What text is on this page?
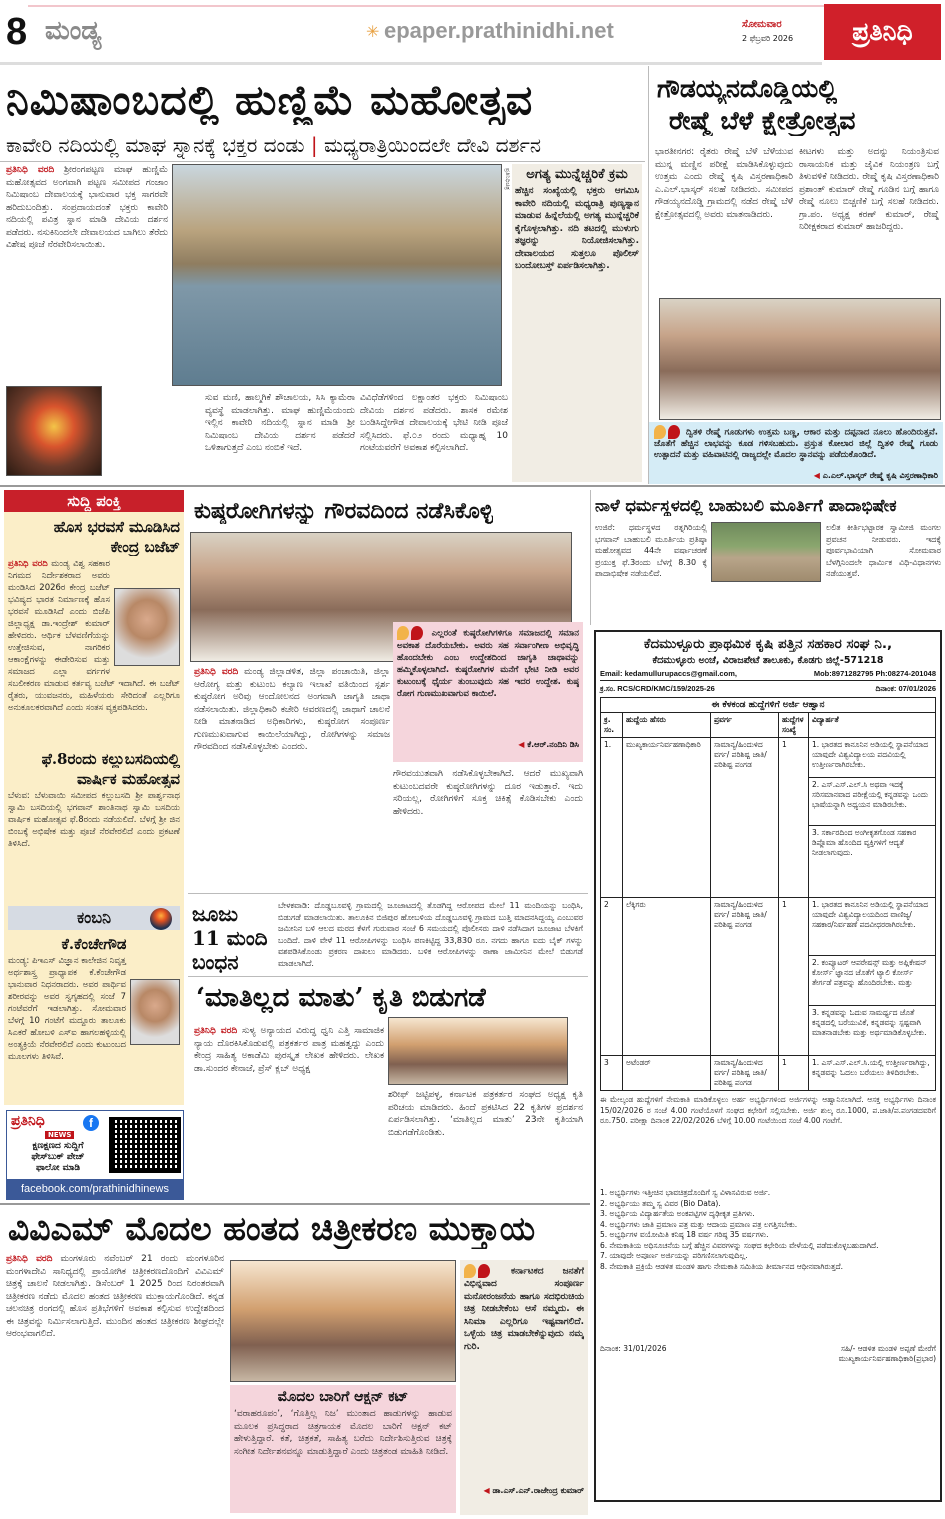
8 ಮಂಡ್ಯ	✳ epaper.prathinidhi.net	ಸೋಮವಾರ
2 ಫೆಬ್ರವರಿ 2026 ಪ್ರತಿನಿಧಿ
ನಿಮಿಷಾಂಬದಲ್ಲಿ ಹುಣ್ಣಿಮೆ ಮಹೋತ್ಸವ
ಕಾವೇರಿ ನದಿಯಲ್ಲಿ ಮಾಘ ಸ್ನಾನಕ್ಕೆ ಭಕ್ತರ ದಂಡು | ಮಧ್ಯರಾತ್ರಿಯಿಂದಲೇ ದೇವಿ ದರ್ಶನ
ಪ್ರತಿನಿಧಿ ವರದಿ ಶ್ರೀರಂಗಪಟ್ಟಣ ಮಾಘ ಹುಣ್ಣಿಮೆ ಮಹೋತ್ಸವದ ಅಂಗವಾಗಿ ಪಟ್ಟಣ ಸಮೀಪದ ಗಂಜಾಂ ನಿಮಿಷಾಂಬ ದೇವಾಲಯಕ್ಕೆ ಭಾನುವಾರ ಭಕ್ತ ಸಾಗರವೇ ಹರಿದುಬಂದಿತ್ತು. ಸಂಪ್ರದಾಯದಂತೆ ಭಕ್ತರು ಕಾವೇರಿ ನದಿಯಲ್ಲಿ ಪವಿತ್ರ ಸ್ನಾನ ಮಾಡಿ ದೇವಿಯ ದರ್ಶನ ಪಡೆದರು. ನಸುಕಿನಿಂದಲೇ ದೇವಾಲಯದ ಬಾಗಿಲು ತೆರೆದು ವಿಶೇಷ ಪೂಜೆ ನೆರವೇರಿಸಲಾಯಿತು.
ಪ್ರತಿನಿಧಿಚಿತ್ರ	ಅಗತ್ಯ ಮುನ್ನೆಚ್ಚರಿಕೆ ಕ್ರಮ
ಹೆಚ್ಚಿನ ಸಂಖ್ಯೆಯಲ್ಲಿ ಭಕ್ತರು ಆಗಮಿಸಿ ಕಾವೇರಿ ನದಿಯಲ್ಲಿ ಮಧ್ಯರಾತ್ರಿ ಪುಣ್ಯಸ್ನಾನ ಮಾಡುವ ಹಿನ್ನೆಲೆಯಲ್ಲಿ ಅಗತ್ಯ ಮುನ್ನೆಚ್ಚರಿಕೆ ಕೈಗೊಳ್ಳಲಾಗಿತ್ತು. ನದಿ ತಟದಲ್ಲಿ ಮುಳುಗು ತಜ್ಞರನ್ನು ನಿಯೋಜಿಸಲಾಗಿತ್ತು. ದೇವಾಲಯದ ಸುತ್ತಲೂ ಪೊಲೀಸ್ ಬಂದೋಬಸ್ತ್ ಏರ್ಪಡಿಸಲಾಗಿತ್ತು.
ಸುವ ಮಣಿ, ಹಾಲ್ಮಗಿಕೆ ಶೌಚಾಲಯ, ಸಿಸಿ ಕ್ಯಾಮೆರಾ ವ್ಯವಸ್ಥೆ ಮಾಡಲಾಗಿತ್ತು. ಮಾಘ ಹುಣ್ಣಿಮೆಯಂದು ಇಲ್ಲಿನ ಕಾವೇರಿ ನದಿಯಲ್ಲಿ ಸ್ನಾನ ಮಾಡಿ ಶ್ರೀ ನಿಮಿಷಾಂಬ ದೇವಿಯ ದರ್ಶನ ಪಡೆದರೆ ಒಳಿತಾಗುತ್ತದೆ ಎಂಬ ನಂಬಿಕೆ ಇದೆ.
ವಿವಿಧೆಡೆಗಳಿಂದ ಲಕ್ಷಾಂತರ ಭಕ್ತರು ನಿಮಿಷಾಂಬ ದೇವಿಯ ದರ್ಶನ ಪಡೆದರು. ಶಾಸಕ ರಮೇಶ ಬಂಡಿಸಿದ್ದೇಗೌಡ ದೇವಾಲಯಕ್ಕೆ ಭೇಟಿ ನೀಡಿ ಪೂಜೆ ಸಲ್ಲಿಸಿದರು. ಫೆ.೦೨ ರಂದು ಮಧ್ಯಾಹ್ನ 10 ಗಂಟೆಯವರೆಗೆ ಅವಕಾಶ ಕಲ್ಪಿಸಲಾಗಿದೆ.
ಗೌಡಯ್ಯನದೊಡ್ಡಿಯಲ್ಲಿ
ರೇಷ್ಮೆ ಬೆಳೆ ಕ್ಷೇತ್ರೋತ್ಸವ
ಭಾರತೀನಗರ: ರೈತರು ರೇಷ್ಮೆ ಬೆಳೆ ಬೆಳೆಯುವ ಮುನ್ನ ಮಣ್ಣಿನ ಪರೀಕ್ಷೆ ಮಾಡಿಸಿಕೊಳ್ಳುವುದು ಉತ್ತಮ ಎಂದು ರೇಷ್ಮೆ ಕೃಷಿ ವಿಸ್ತರಣಾಧಿಕಾರಿ ಎ.ಎಲ್.ಭಾಸ್ಕರ್ ಸಲಹೆ ನೀಡಿದರು. ಸಮೀಪದ ಗೌಡಯ್ಯನದೊಡ್ಡಿ ಗ್ರಾಮದಲ್ಲಿ ನಡೆದ ರೇಷ್ಮೆ ಬೆಳೆ ಕ್ಷೇತ್ರೋತ್ಸವದಲ್ಲಿ ಅವರು ಮಾತನಾಡಿದರು.
ಕೀಟಗಳು ಮತ್ತು ಅದನ್ನು ನಿಯಂತ್ರಿಸುವ ರಾಸಾಯನಿಕ ಮತ್ತು ಜೈವಿಕ ನಿಯಂತ್ರಣ ಬಗ್ಗೆ ತಿಳುವಳಿಕೆ ನೀಡಿದರು. ರೇಷ್ಮೆ ಕೃಷಿ ವಿಸ್ತರಣಾಧಿಕಾರಿ ಪ್ರಶಾಂತ್ ಕುಮಾರ್ ರೇಷ್ಮೆ ಗೂಡಿನ ಬಗ್ಗೆ ಹಾಗೂ ರೇಷ್ಮೆ ನೂಲು ಬಿಚ್ಚಣಿಕೆ ಬಗ್ಗೆ ಸಲಹೆ ನೀಡಿದರು. ಗ್ರಾ.ಪಂ. ಅಧ್ಯಕ್ಷ ಕರಣ್ ಕುಮಾರ್, ರೇಷ್ಮೆ ನಿರೀಕ್ಷಕರಾದ ಕುಮಾರ್ ಹಾಜರಿದ್ದರು.
ದ್ವಿತಳಿ ರೇಷ್ಮೆ ಗೂಡುಗಳು ಉತ್ತಮ ಬಣ್ಣ, ಆಕಾರ ಮತ್ತು ದಪ್ಪನಾದ ನೂಲು ಹೊಂದಿರುತ್ತವೆ. ಜೊತೆಗೆ ಹೆಚ್ಚಿನ ಲಾಭವನ್ನು ಕೂಡ ಗಳಿಸಬಹುದು. ಪ್ರಸ್ತುತ ಕೋಲಾರ ಜಿಲ್ಲೆ ದ್ವಿತಳಿ ರೇಷ್ಮೆ ಗೂಡು ಉತ್ಪಾದನೆ ಮತ್ತು ವಹಿವಾಟಿನಲ್ಲಿ ರಾಜ್ಯದಲ್ಲೇ ಮೊದಲ ಸ್ಥಾನವನ್ನು ಪಡೆದುಕೊಂಡಿದೆ.
◀ ಎ.ಎಲ್.ಭಾಸ್ಕರ್ ರೇಷ್ಮೆ ಕೃಷಿ ವಿಸ್ತರಣಾಧಿಕಾರಿ
ಸುದ್ದಿ ಪಂಕ್ತಿ
ಹೊಸ ಭರವಸೆ ಮೂಡಿಸಿದ
ಕೇಂದ್ರ ಬಜೆಟ್
ಪ್ರತಿನಿಧಿ ವರದಿ ಮಂಡ್ಯ ವಿಶ್ವ ಸಹಕಾರ ನಿಗಮದ ನಿರ್ದೇಶಕರಾದ ಅವರು ಮಂಡಿಸಿದ 2026ರ ಕೇಂದ್ರ ಬಜೆಟ್ ಭವಿಷ್ಯದ ಭಾರತ ನಿರ್ಮಾಣಕ್ಕೆ ಹೊಸ ಭರವಸೆ ಮೂಡಿಸಿದೆ ಎಂದು ಬಿಜೆಪಿ ಜಿಲ್ಲಾಧ್ಯಕ್ಷ ಡಾ.ಇಂದ್ರೇಶ್ ಕುಮಾರ್ ಹೇಳಿದರು. ಆರ್ಥಿಕ ಬೆಳವಣಿಗೆಯನ್ನು ಉತ್ತೇಜಿಸುವ, ನಾಗರಿಕರ ಆಕಾಂಕ್ಷೆಗಳನ್ನು ಈಡೇರಿಸುವ ಮತ್ತು ಸಮಾಜದ ಎಲ್ಲಾ ವರ್ಗಗಳ ಸಬಲೀಕರಣ ಮಾಡುವ ಕರ್ತವ್ಯ ಬಜೆಟ್ ಇದಾಗಿದೆ. ಈ ಬಜೆಟ್ ರೈತರು, ಯುವಜನರು, ಮಹಿಳೆಯರು ಸೇರಿದಂತೆ ಎಲ್ಲರಿಗೂ ಅನುಕೂಲಕರವಾಗಿದೆ ಎಂದು ಸಂತಸ ವ್ಯಕ್ತಪಡಿಸಿದರು.
ಫೆ.8ರಂದು ಕಲ್ಲುಬಸದಿಯಲ್ಲಿ
ವಾರ್ಷಿಕ ಮಹೋತ್ಸವ
ಬೆಳುವ: ಬೆಳುವಾಯಿ ಸಮೀಪದ ಕಲ್ಲುಬಸದಿ ಶ್ರೀ ಪಾರ್ಶ್ವನಾಥ ಸ್ವಾಮಿ ಬಸದಿಯಲ್ಲಿ ಭಗವಾನ್ ಶಾಂತಿನಾಥ ಸ್ವಾಮಿ ಬಸದಿಯ ವಾರ್ಷಿಕ ಮಹೋತ್ಸವ ಫೆ.8ರಂದು ನಡೆಯಲಿದೆ. ಬೆಳಗ್ಗೆ ಶ್ರೀ ಜಿನ ಬಿಂಬಕ್ಕೆ ಅಭಿಷೇಕ ಮತ್ತು ಪೂಜೆ ನೆರವೇರಲಿದೆ ಎಂದು ಪ್ರಕಟಣೆ ತಿಳಿಸಿದೆ.
ಕಂಬನಿ
ಕೆ.ಕೆಂಚೇಗೌಡ
ಮಂಡ್ಯ: ಪಿಇಎಸ್ ವಿಜ್ಞಾನ ಕಾಲೇಜಿನ ನಿವೃತ್ತ ಅರ್ಥಶಾಸ್ತ್ರ ಪ್ರಾಧ್ಯಾಪಕ ಕೆ.ಕೆಂಚೇಗೌಡ ಭಾನುವಾರ ನಿಧನರಾದರು. ಅವರ ಪಾರ್ಥಿವ ಶರೀರವನ್ನು ಅವರ ಸ್ವಗೃಹದಲ್ಲಿ ಸಂಜೆ 7 ಗಂಟೆವರೆಗೆ ಇಡಲಾಗಿತ್ತು. ಸೋಮವಾರ ಬೆಳಗ್ಗೆ 10 ಗಂಟೆಗೆ ಮದ್ದೂರು ತಾಲೂಕು ಸಿಎಕರೆ ಹೋಬಳಿ ಎಸ್‌ಐ ಹಾಗಲಹಳ್ಳಿಯಲ್ಲಿ ಅಂತ್ಯಕ್ರಿಯೆ ನೆರವೇರಲಿದೆ ಎಂದು ಕುಟುಂಬದ ಮೂಲಗಳು ತಿಳಿಸಿವೆ.
ಪ್ರತಿನಿಧಿ	f
NEWS
ಕ್ಷಣಕ್ಷಣದ ಸುದ್ದಿಗೆ
ಫೇಸ್‌ಬುಕ್ ಪೇಜ್
ಫಾಲೋ ಮಾಡಿ
facebook.com/prathinidhinews
ಕುಷ್ಠರೋಗಿಗಳನ್ನು ಗೌರವದಿಂದ ನಡೆಸಿಕೊಳ್ಳಿ
ಪ್ರತಿನಿಧಿ ವರದಿ ಮಂಡ್ಯ ಜಿಲ್ಲಾಡಳಿತ, ಜಿಲ್ಲಾ ಪಂಚಾಯಿತಿ, ಜಿಲ್ಲಾ ಆರೋಗ್ಯ ಮತ್ತು ಕುಟುಂಬ ಕಲ್ಯಾಣ ಇಲಾಖೆ ವತಿಯಿಂದ ಸ್ಪರ್ಶ ಕುಷ್ಠರೋಗ ಅರಿವು ಆಂದೋಲನದ ಅಂಗವಾಗಿ ಜಾಗೃತಿ ಜಾಥಾ ನಡೆಸಲಾಯಿತು. ಜಿಲ್ಲಾಧಿಕಾರಿ ಕಚೇರಿ ಆವರಣದಲ್ಲಿ ಜಾಥಾಗೆ ಚಾಲನೆ ನೀಡಿ ಮಾತನಾಡಿದ ಅಧಿಕಾರಿಗಳು, ಕುಷ್ಠರೋಗ ಸಂಪೂರ್ಣ ಗುಣಮುಖವಾಗುವ ಕಾಯಿಲೆಯಾಗಿದ್ದು, ರೋಗಿಗಳನ್ನು ಸಮಾಜ ಗೌರವದಿಂದ ನಡೆಸಿಕೊಳ್ಳಬೇಕು ಎಂದರು.
ಎಲ್ಲರಂತೆ ಕುಷ್ಠರೋಗಿಗಳಿಗೂ ಸಮಾಜದಲ್ಲಿ ಸಮಾನ ಅವಕಾಶ ದೊರೆಯಬೇಕು. ಅವರು ಸಹ ಸರ್ವಾಂಗೀಣ ಅಭಿವೃದ್ಧಿ ಹೊಂದಬೇಕು ಎಂಬ ಉದ್ದೇಶದಿಂದ ಜಾಗೃತಿ ಜಾಥಾವನ್ನು ಹಮ್ಮಿಕೊಳ್ಳಲಾಗಿದೆ. ಕುಷ್ಠರೋಗಿಗಳ ಮನೆಗೆ ಭೇಟಿ ನೀಡಿ ಅವರ ಕುಟುಂಬಕ್ಕೆ ಧೈರ್ಯ ತುಂಬುವುದು ಸಹ ಇದರ ಉದ್ದೇಶ. ಕುಷ್ಠ ರೋಗ ಗುಣಮುಖವಾಗುವ ಕಾಯಿಲೆ.
◀ ಕೆ.ಆರ್.ನಂದಿನಿ ಡಿಸಿ
ಗೌರವಯುತವಾಗಿ ನಡೆಸಿಕೊಳ್ಳಬೇಕಾಗಿದೆ. ಆದರೆ ಮುಖ್ಯವಾಗಿ ಕುಟುಂಬದವರೇ ಕುಷ್ಠರೋಗಿಗಳನ್ನು ದೂರ ಇಡುತ್ತಾರೆ. ಇದು ಸರಿಯಲ್ಲ, ರೋಗಿಗಳಿಗೆ ಸೂಕ್ತ ಚಿಕಿತ್ಸೆ ಕೊಡಿಸಬೇಕು ಎಂದು ಹೇಳಿದರು.
ಜೂಜು
11 ಮಂದಿ
ಬಂಧನ
ಬೇಳಕವಾಡಿ: ದೊಡ್ಡಬೂವಳ್ಳಿ ಗ್ರಾಮದಲ್ಲಿ ಜೂಜಾಟದಲ್ಲಿ ತೊಡಗಿದ್ದ ಆರೋಪದ ಮೇಲೆ 11 ಮಂದಿಯನ್ನು ಬಂಧಿಸಿ, ಬಿಡುಗಡೆ ಮಾಡಲಾಯಿತು. ತಾಲೂಕಿನ ಬಿಜಿಪುರ ಹೋಬಳಿಯ ದೊಡ್ಡಬೂವಳ್ಳಿ ಗ್ರಾಮದ ಬುತ್ತಿ ಮಾದನಸಿದ್ದಯ್ಯ ಎಂಬುವರ ಜಮೀನಿನ ಬಳಿ ಆಲದ ಮರದ ಕೆಳಗೆ ಗುರುವಾರ ಸಂಜೆ 6 ಸಮಯದಲ್ಲಿ ಪೊಲೀಸರು ದಾಳಿ ನಡೆಸಿದಾಗ ಜೂಜಾಟ ಬೆಳಕಿಗೆ ಬಂದಿದೆ. ದಾಳಿ ವೇಳೆ 11 ಆರೋಪಿಗಳನ್ನು ಬಂಧಿಸಿ ಪಣಕಿಟ್ಟಿದ್ದ 33,830 ರೂ. ನಗದು ಹಾಗೂ ಐದು ಬೈಕ್ ಗಳನ್ನು ವಶಪಡಿಸಿಕೊಂಡು ಪ್ರಕರಣ ದಾಖಲು ಮಾಡಿದರು. ಬಳಿಕ ಆರೋಪಿಗಳನ್ನು ಠಾಣಾ ಜಾಮೀನಿನ ಮೇಲೆ ಬಿಡುಗಡೆ ಮಾಡಲಾಗಿದೆ.
‘ಮಾತಿಲ್ಲದ ಮಾತು’ ಕೃತಿ ಬಿಡುಗಡೆ
ಪ್ರತಿನಿಧಿ ವರದಿ ಸುಳ್ಯ ಅನ್ಯಾಯದ ವಿರುದ್ಧ ಧ್ವನಿ ಎತ್ತಿ ಸಾಮಾಜಿಕ ನ್ಯಾಯ ದೊರಕಿಸಿಕೊಡುವಲ್ಲಿ ಪತ್ರಕರ್ತರ ಪಾತ್ರ ಮಹತ್ವದ್ದು ಎಂದು ಕೇಂದ್ರ ಸಾಹಿತ್ಯ ಅಕಾಡೆಮಿ ಪುರಸ್ಕೃತ ಲೇಖಕ ಹೇಳಿದರು. ಲೇಖಕ ಡಾ.ಸುಂದರ ಕೇನಾಜೆ, ಪ್ರೆಸ್ ಕ್ಲಬ್ ಅಧ್ಯಕ್ಷ
ಶರೀಫ್ ಜಟ್ಟಿಪಳ್ಳ, ಕರ್ನಾಟಕ ಪತ್ರಕರ್ತರ ಸಂಘದ ಅಧ್ಯಕ್ಷ ಕೃತಿ ಪರಿಚಯ ಮಾಡಿದರು. ಹಿಂದೆ ಪ್ರಕಟಿಸಿದ 22 ಕೃತಿಗಳ ಪ್ರದರ್ಶನ ಏರ್ಪಡಿಸಲಾಗಿತ್ತು. ‘ಮಾತಿಲ್ಲದ ಮಾತು’ 23ನೇ ಕೃತಿಯಾಗಿ ಬಿಡುಗಡೆಗೊಂಡಿತು.
ನಾಳೆ ಧರ್ಮಸ್ಥಳದಲ್ಲಿ ಬಾಹುಬಲಿ ಮೂರ್ತಿಗೆ ಪಾದಾಭಿಷೇಕ
ಉಜಿರೆ: ಧರ್ಮಸ್ಥಳದ ರತ್ನಗಿರಿಯಲ್ಲಿ ಭಗವಾನ್ ಬಾಹುಬಲಿ ಮೂರ್ತಿಯ ಪ್ರತಿಷ್ಠಾ ಮಹೋತ್ಸವದ 44ನೇ ವರ್ಷಾಚರಣೆ ಪ್ರಯುಕ್ತ ಫೆ.3ರಂದು ಬೆಳಗ್ಗೆ 8.30 ಕ್ಕೆ ಪಾದಾಭಿಷೇಕ ನಡೆಯಲಿದೆ.
ಲಲಿತ ಕೀರ್ತಿಭಟ್ಟಾರಕ ಸ್ವಾಮೀಜಿ ಮಂಗಲ ಪ್ರವಚನ ನೀಡುವರು. ಇದಕ್ಕೆ ಪೂರ್ವಭಾವಿಯಾಗಿ ಸೋಮವಾರ ಬೆಳಗ್ಗಿನಿಂದಲೇ ಧಾರ್ಮಿಕ ವಿಧಿ-ವಿಧಾನಗಳು ನಡೆಯುತ್ತವೆ.
ವಿವಿಎಮ್ ಮೊದಲ ಹಂತದ ಚಿತ್ರೀಕರಣ ಮುಕ್ತಾಯ
ಪ್ರತಿನಿಧಿ ವರದಿ ಮಂಗಳೂರು ನವೆಂಬರ್ 21 ರಂದು ಮಂಗಳೂರಿನ ಮಂಗಳಾದೇವಿ ಸಾನಿಧ್ಯದಲ್ಲಿ ಪ್ರಾಯೋಗಿಕ ಚಿತ್ರೀಕರಣದೊಂದಿಗೆ ವಿವಿಎಮ್ ಚಿತ್ರಕ್ಕೆ ಚಾಲನೆ ನೀಡಲಾಗಿತ್ತು. ಡಿಸೆಂಬರ್ 1 2025 ರಿಂದ ನಿರಂತರವಾಗಿ ಚಿತ್ರೀಕರಣ ನಡೆದು ಮೊದಲ ಹಂತದ ಚಿತ್ರೀಕರಣ ಮುಕ್ತಾಯಗೊಂಡಿದೆ. ಕನ್ನಡ ಚಲನಚಿತ್ರ ರಂಗದಲ್ಲಿ ಹೊಸ ಪ್ರತಿಭೆಗಳಿಗೆ ಅವಕಾಶ ಕಲ್ಪಿಸುವ ಉದ್ದೇಶದಿಂದ ಈ ಚಿತ್ರವನ್ನು ನಿರ್ಮಿಸಲಾಗುತ್ತಿದೆ. ಮುಂದಿನ ಹಂತದ ಚಿತ್ರೀಕರಣ ಶೀಘ್ರದಲ್ಲೇ ಆರಂಭವಾಗಲಿದೆ.
ಮೊದಲ ಬಾರಿಗೆ ಆಕ್ಷನ್ ಕಟ್
‘ವರಾಹರೂಪಂ’, ‘ಗೊತ್ತಿಲ್ಲ ನಿಜ’ ಮುಂತಾದ ಹಾಡುಗಳನ್ನು ಹಾಡುವ ಮೂಲಕ ಪ್ರಸಿದ್ಧರಾದ ಚಿತ್ರಗಾಯಕ ಮೊದಲ ಬಾರಿಗೆ ಆಕ್ಷನ್ ಕಟ್ ಹೇಳುತ್ತಿದ್ದಾರೆ. ಕತೆ, ಚಿತ್ರಕತೆ, ಸಾಹಿತ್ಯ ಬರೆದು ನಿರ್ದೇಶಿಸುತ್ತಿರುವ ಚಿತ್ರಕ್ಕೆ ಸಂಗೀತ ನಿರ್ದೇಶನವನ್ನೂ ಮಾಡುತ್ತಿದ್ದಾರೆ ಎಂದು ಚಿತ್ರತಂಡ ಮಾಹಿತಿ ನೀಡಿದೆ.
ಕರ್ನಾಟಕದ ಜನತೆಗೆ ವಿಭಿನ್ನವಾದ ಸಂಪೂರ್ಣ ಮನೋರಂಜನೆಯ ಹಾಗೂ ಸದಭಿರುಚಿಯ ಚಿತ್ರ ನೀಡಬೇಕೆಂಬ ಆಸೆ ನಮ್ಮದು. ಈ ಸಿನಿಮಾ ಎಲ್ಲರಿಗೂ ಇಷ್ಟವಾಗಲಿದೆ. ಒಳ್ಳೆಯ ಚಿತ್ರ ಮಾಡಬೇಕೆನ್ನುವುದು ನಮ್ಮ ಗುರಿ.
◀ ಡಾ.ಎಸ್.ಎನ್.ರಾಜೇಂದ್ರ ಕುಮಾರ್
ಕೆದಮುಳ್ಳೂರು ಪ್ರಾಥಮಿಕ ಕೃಷಿ ಪತ್ತಿನ ಸಹಕಾರ ಸಂಘ ನಿ.,
ಕೆದಮುಳ್ಳೂರು ಅಂಚೆ, ವಿರಾಜಪೇಟೆ ತಾಲೂಕು, ಕೊಡಗು ಜಿಲ್ಲೆ-571218
Email: kedamullurupaccs@gmail.com,	Mob:8971282795 Ph:08274-201048
ಕ್ರ.ಸಂ. RCS/CRD/KMC/159/2025-26	ದಿನಾಂಕ: 07/01/2026
ಈ ಕೆಳಕಂಡ ಹುದ್ದೆಗಳಿಗೆ ಅರ್ಜಿ ಆಹ್ವಾನ				
ಕ್ರ. ಸಂ.	ಹುದ್ದೆಯ ಹೆಸರು	ಪ್ರವರ್ಗ	ಹುದ್ದೆಗಳ ಸಂಖ್ಯೆ	ವಿದ್ಯಾರ್ಹತೆ
1.	ಮುಖ್ಯಕಾರ್ಯನಿರ್ವಹಣಾಧಿಕಾರಿ	ಸಾಮಾನ್ಯ/ಹಿಂದುಳಿದ ವರ್ಗ/ ಪರಿಶಿಷ್ಟ ಜಾತಿ/ ಪರಿಶಿಷ್ಟ ಪಂಗಡ	1	1. ಭಾರತದ ಕಾನೂನಿನ ಅಡಿಯಲ್ಲಿ ಸ್ಥಾಪನೆಯಾದ ಯಾವುದೇ ವಿಶ್ವವಿದ್ಯಾಲಯ ಪದವಿಯಲ್ಲಿ ಉತ್ತೀರ್ಣರಾಗಿರಬೇಕು.
				2. ಎಸ್.ಎಸ್.ಎಲ್.ಸಿ ಅಥವಾ ಇದಕ್ಕೆ ಸರಿಸಮಾನವಾದ ಪರೀಕ್ಷೆಯಲ್ಲಿ ಕನ್ನಡವನ್ನು ಒಂದು ಭಾಷೆಯನ್ನಾಗಿ ಅಧ್ಯಯನ ಮಾಡಿರಬೇಕು.
				3. ಸರ್ಕಾರದಿಂದ ಅಂಗೀಕೃತಗೊಂಡ ಸಹಕಾರ ಡಿಪ್ಲೊಮಾ ಹೊಂದಿದ ವ್ಯಕ್ತಿಗಳಿಗೆ ಆದ್ಯತೆ ನೀಡಲಾಗುವುದು.
2	ಲೆಕ್ಕಿಗರು	ಸಾಮಾನ್ಯ/ಹಿಂದುಳಿದ ವರ್ಗ/ ಪರಿಶಿಷ್ಟ ಜಾತಿ/ ಪರಿಶಿಷ್ಟ ಪಂಗಡ	1	1. ಭಾರತದ ಕಾನೂನಿನ ಅಡಿಯಲ್ಲಿ ಸ್ಥಾಪನೆಯಾದ ಯಾವುದೇ ವಿಶ್ವವಿದ್ಯಾಲಯದಿಂದ ವಾಣಿಜ್ಯ/ಸಹಕಾರ/ನಿರ್ವಹಣೆ ಪದವೀಧರರಾಗಿರಬೇಕು.
				2. ಕಂಪ್ಯೂಟರ್ ಆಪರೇಷನ್ಸ್ ಮತ್ತು ಅಪ್ಲಿಕೇಷನ್ ಕೋರ್ಸ್ ಜ್ಞಾನದ ಜೊತೆಗೆ ಟ್ಯಾಲಿ ಕೋರ್ಸ್ ತೇರ್ಗಡೆ ಪತ್ರವನ್ನು ಹೊಂದಿರಬೇಕು. ಮತ್ತು
				3. ಕನ್ನಡವನ್ನು ಓದುವ ಸಾಮರ್ಥ್ಯದ ಜೊತೆ ಕನ್ನಡದಲ್ಲಿ ಬರೆಯುವಿಕೆ, ಕನ್ನಡವನ್ನು ಸ್ಪಷ್ಟವಾಗಿ ಮಾತನಾಡಬೇಕು ಮತ್ತು ಅರ್ಥಮಾಡಿಕೊಳ್ಳಬೇಕು.
3	ಅಟೆಂಡರ್	ಸಾಮಾನ್ಯ/ಹಿಂದುಳಿದ ವರ್ಗ/ ಪರಿಶಿಷ್ಟ ಜಾತಿ/ ಪರಿಶಿಷ್ಟ ಪಂಗಡ	1	1. ಎಸ್.ಎಸ್.ಎಲ್.ಸಿ.ಯಲ್ಲಿ ಉತ್ತೀರ್ಣರಾಗಿದ್ದು, ಕನ್ನಡವನ್ನು ಓದಲು ಬರೆಯಲು ತಿಳಿದಿರಬೇಕು.
ಈ ಮೇಲ್ಕಂಡ ಹುದ್ದೆಗಳಿಗೆ ನೇಮಕಾತಿ ಮಾಡಿಕೊಳ್ಳಲು ಅರ್ಹ ಅಭ್ಯರ್ಥಿಗಳಿಂದ ಅರ್ಜಿಗಳನ್ನು ಆಹ್ವಾನಿಸಲಾಗಿದೆ. ಆಸಕ್ತ ಅಭ್ಯರ್ಥಿಗಳು ದಿನಾಂಕ 15/02/2026 ರ ಸಂಜೆ 4.00 ಗಂಟೆಯೊಳಗೆ ಸಂಘದ ಕಛೇರಿಗೆ ಸಲ್ಲಿಸಬೇಕು. ಅರ್ಜಿ ಶುಲ್ಕ ರೂ.1000, ಪ.ಜಾತಿ/ಪ.ಪಂಗಡದವರಿಗೆ ರೂ.750. ಪರೀಕ್ಷಾ ದಿನಾಂಕ 22/02/2026 ಬೆಳಿಗ್ಗೆ 10.00 ಗಂಟೆಯಿಂದ ಸಂಜೆ 4.00 ಗಂಟೆಗೆ.
1. ಅಭ್ಯರ್ಥಿಗಳು ಇತ್ತೀಚಿನ ಭಾವಚಿತ್ರದೊಂದಿಗೆ ಸ್ವ ವಿಳಾಸವಿರುವ ಅರ್ಜಿ.
2. ಅಭ್ಯರ್ಥಿಯು ತಮ್ಮ ಸ್ವ ವಿವರ (Bio Data).
3. ಅಭ್ಯರ್ಥಿಯ ವಿದ್ಯಾರ್ಹತೆಯ ಅಂಕಪಟ್ಟಿಗಳ ದೃಢೀಕೃತ ಪ್ರತಿಗಳು.
4. ಅಭ್ಯರ್ಥಿಗಳು ಜಾತಿ ಪ್ರಮಾಣ ಪತ್ರ ಮತ್ತು ಆದಾಯ ಪ್ರಮಾಣ ಪತ್ರ ಲಗತ್ತಿಸಬೇಕು.
5. ಅಭ್ಯರ್ಥಿಗಳ ವಯೋಮಿತಿ ಕನಿಷ್ಠ 18 ವರ್ಷ ಗರಿಷ್ಠ 35 ವರ್ಷಗಳು.
6. ನೇಮಕಾತಿಯ ಅಧಿಸೂಚನೆಯ ಬಗ್ಗೆ ಹೆಚ್ಚಿನ ವಿವರಗಳನ್ನು ಸಂಘದ ಕಛೇರಿಯ ವೇಳೆಯಲ್ಲಿ ಪಡೆದುಕೊಳ್ಳಬಹುದಾಗಿದೆ.
7. ಯಾವುದೇ ಅಪೂರ್ಣ ಅರ್ಜಿಯನ್ನು ಪರಿಗಣಿಸಲಾಗುವುದಿಲ್ಲ.
8. ನೇಮಕಾತಿ ಪ್ರಕ್ರಿಯೆ ಆಡಳಿತ ಮಂಡಳಿ ಹಾಗು ನೇಮಕಾತಿ ಸಮಿತಿಯ ತೀರ್ಮಾನದ ಆಧೀನವಾಗಿರುತ್ತದೆ.
ದಿನಾಂಕ: 31/01/2026	ಸಹಿ/- ಆಡಳಿತ ಮಂಡಳಿ ಅಪ್ಪಣೆ ಮೇರೆಗೆ
ಮುಖ್ಯಕಾರ್ಯನಿರ್ವಹಣಾಧಿಕಾರಿ(ಪ್ರಭಾರ)
